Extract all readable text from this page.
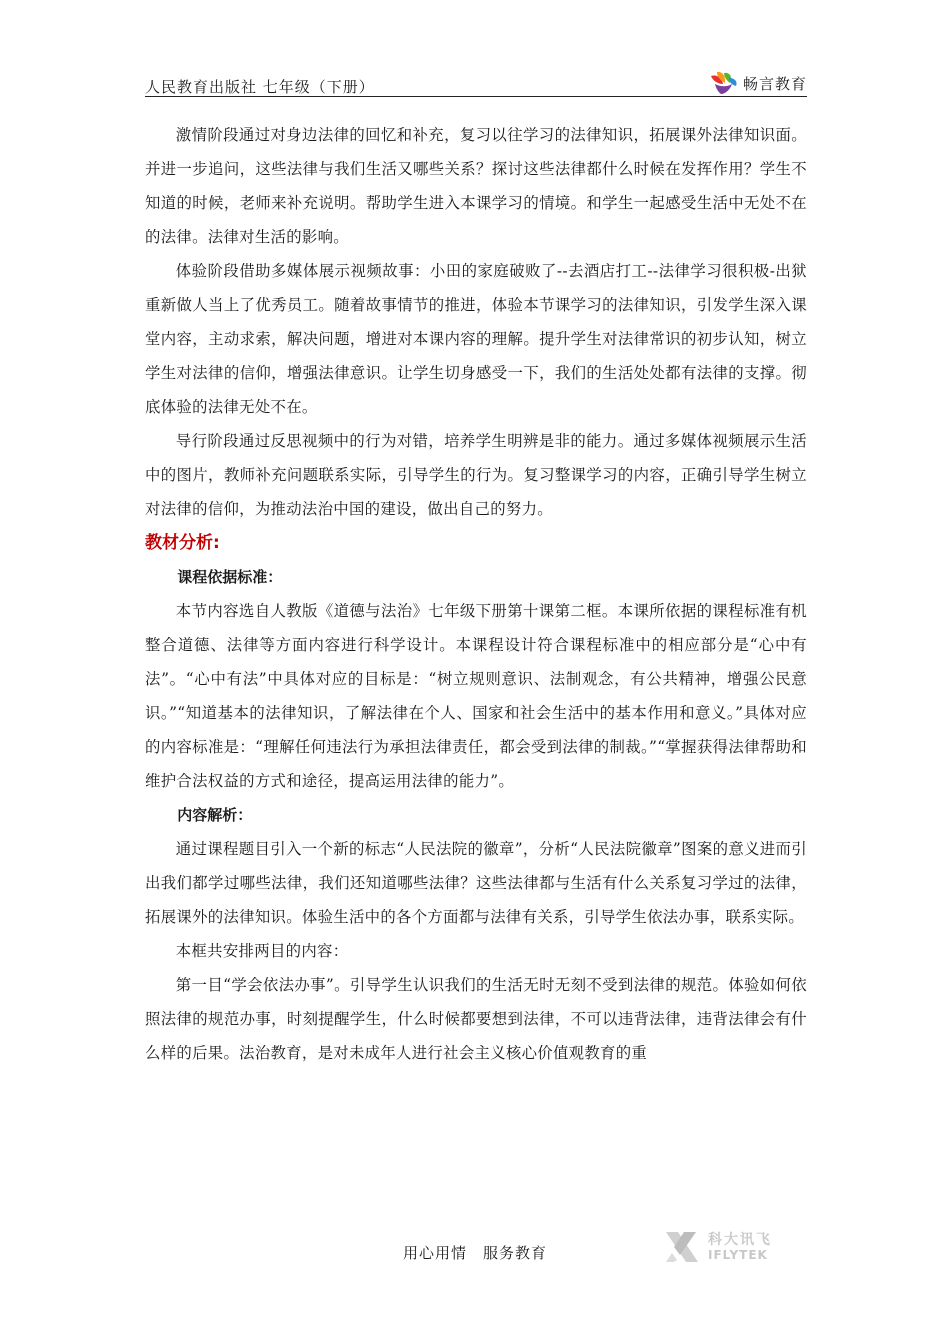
人民教育出版社 七年级（下册）	畅言教育

激情阶段通过对身边法律的回忆和补充，复习以往学习的法律知识，拓展课外法律知识面。并进一步追问，这些法律与我们生活又哪些关系？探讨这些法律都什么时候在发挥作用？学生不知道的时候，老师来补充说明。帮助学生进入本课学习的情境。和学生一起感受生活中无处不在的法律。法律对生活的影响。

体验阶段借助多媒体展示视频故事：小田的家庭破败了--去酒店打工--法律学习很积极-出狱重新做人当上了优秀员工。随着故事情节的推进，体验本节课学习的法律知识，引发学生深入课堂内容，主动求索，解决问题，增进对本课内容的理解。提升学生对法律常识的初步认知，树立学生对法律的信仰，增强法律意识。让学生切身感受一下，我们的生活处处都有法律的支撑。彻底体验的法律无处不在。

导行阶段通过反思视频中的行为对错，培养学生明辨是非的能力。通过多媒体视频展示生活中的图片，教师补充问题联系实际，引导学生的行为。复习整课学习的内容，正确引导学生树立对法律的信仰，为推动法治中国的建设，做出自己的努力。

教材分析:

课程依据标准：

本节内容选自人教版《道德与法治》七年级下册第十课第二框。本课所依据的课程标准有机整合道德、法律等方面内容进行科学设计。本课程设计符合课程标准中的相应部分是“心中有法”。“心中有法”中具体对应的目标是：“树立规则意识、法制观念，有公共精神，增强公民意识。”“知道基本的法律知识，了解法律在个人、国家和社会生活中的基本作用和意义。”具体对应的内容标准是：“理解任何违法行为承担法律责任，都会受到法律的制裁。”“掌握获得法律帮助和维护合法权益的方式和途径，提高运用法律的能力”。

内容解析：

通过课程题目引入一个新的标志“人民法院的徽章”，分析“人民法院徽章”图案的意义进而引出我们都学过哪些法律，我们还知道哪些法律？这些法律都与生活有什么关系复习学过的法律，拓展课外的法律知识。体验生活中的各个方面都与法律有关系，引导学生依法办事，联系实际。

本框共安排两目的内容：

第一目“学会依法办事”。引导学生认识我们的生活无时无刻不受到法律的规范。体验如何依照法律的规范办事，时刻提醒学生，什么时候都要想到法律，不可以违背法律，违背法律会有什么样的后果。法治教育，是对未成年人进行社会主义核心价值观教育的重

用心用情　服务教育
科大讯飞
IFLYTEK
